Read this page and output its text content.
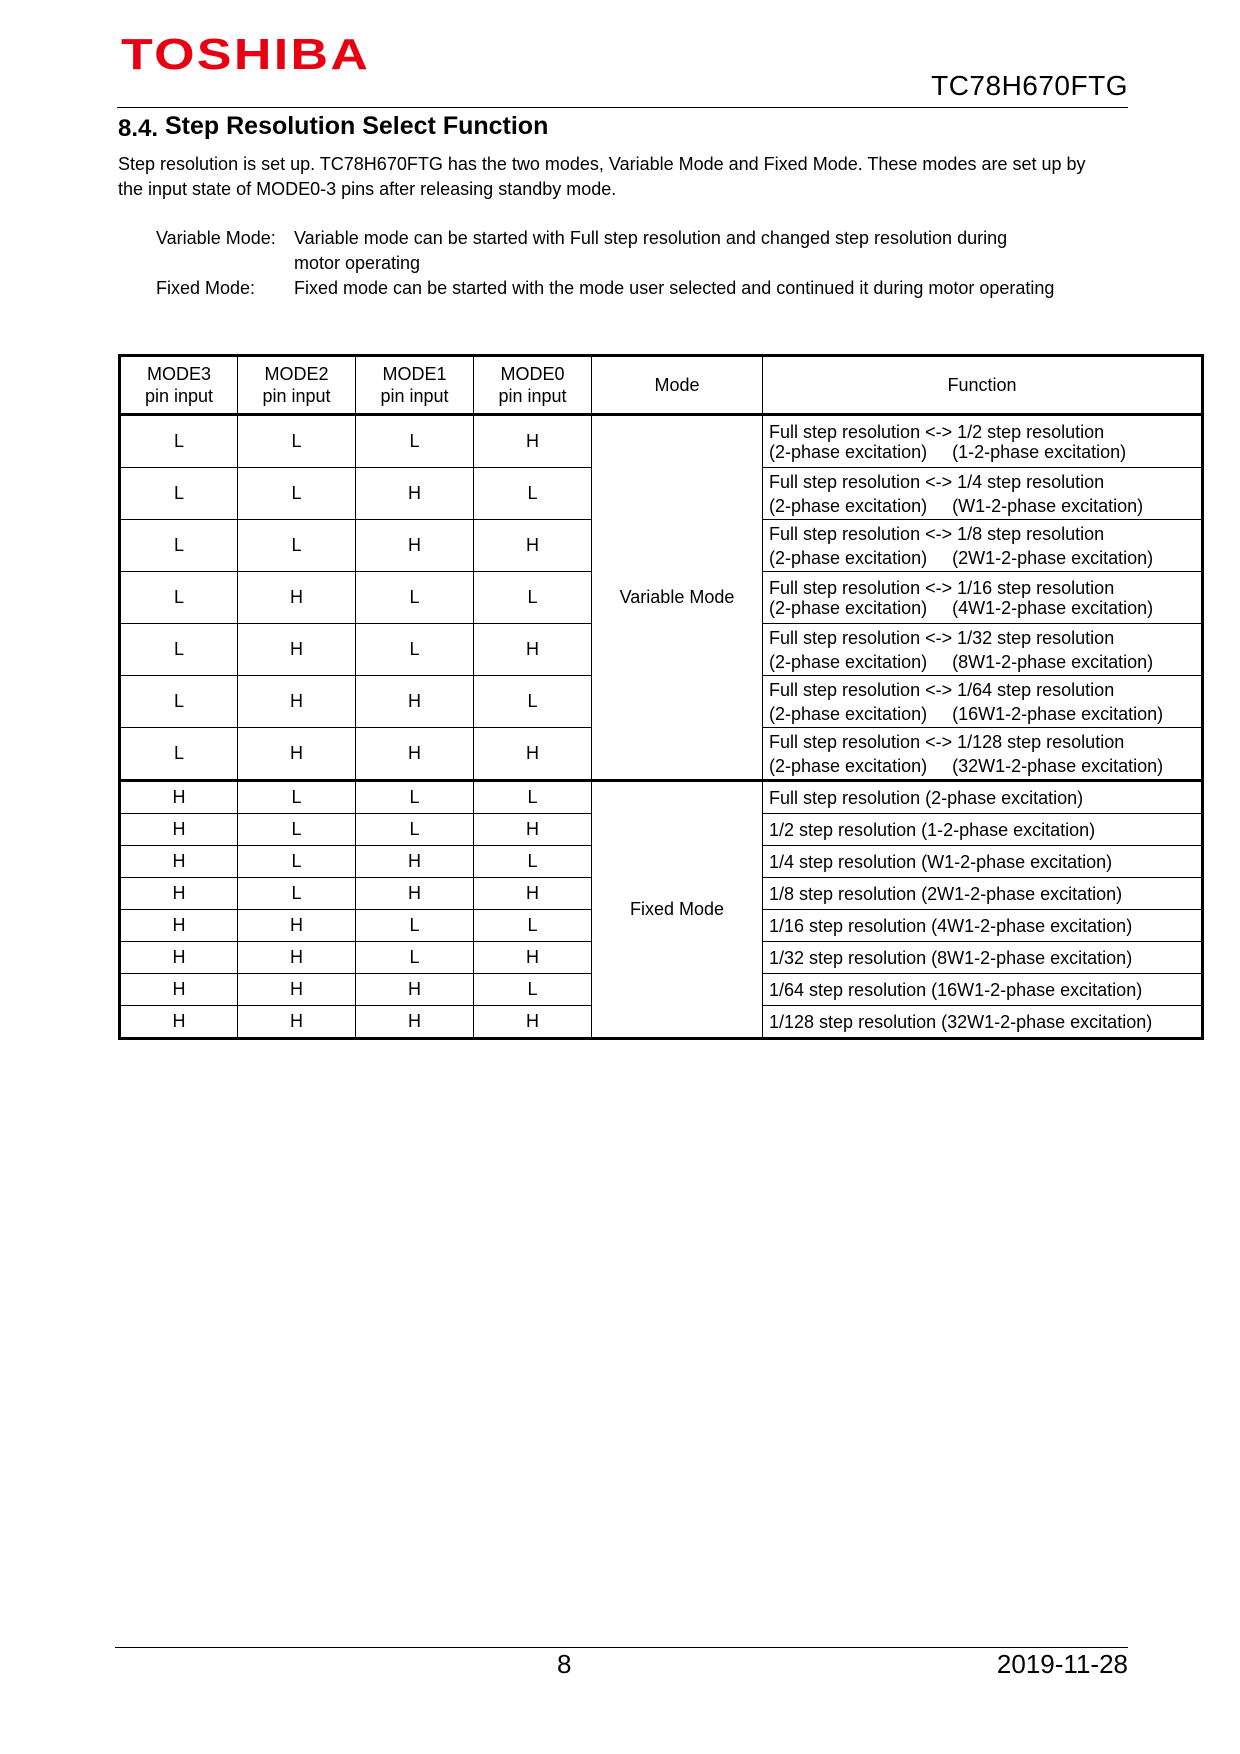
TOSHIBA
TC78H670FTG
8.4. Step Resolution Select Function
Step resolution is set up. TC78H670FTG has the two modes, Variable Mode and Fixed Mode. These modes are set up by
the input state of MODE0-3 pins after releasing standby mode.
Variable Mode: Variable mode can be started with Full step resolution and changed step resolution during
motor operating
Fixed Mode: Fixed mode can be started with the mode user selected and continued it during motor operating
MODE3
pin input	MODE2
pin input	MODE1
pin input	MODE0
pin input	Mode	Function
L	L	L	H	Variable Mode	Full step resolution <-> 1/2 step resolution
(2-phase excitation)     (1-2-phase excitation)

L	L	H	L		Full step resolution <-> 1/4 step resolution
(2-phase excitation)     (W1-2-phase excitation)

L	L	H	H		Full step resolution <-> 1/8 step resolution
(2-phase excitation)     (2W1-2-phase excitation)

L	H	L	L		Full step resolution <-> 1/16 step resolution
(2-phase excitation)     (4W1-2-phase excitation)

L	H	L	H		Full step resolution <-> 1/32 step resolution
(2-phase excitation)     (8W1-2-phase excitation)

L	H	H	L		Full step resolution <-> 1/64 step resolution
(2-phase excitation)     (16W1-2-phase excitation)

L	H	H	H		Full step resolution <-> 1/128 step resolution
(2-phase excitation)     (32W1-2-phase excitation)

H	L	L	L	Fixed Mode	Full step resolution (2-phase excitation)
H	L	L	H		1/2 step resolution (1-2-phase excitation)
H	L	H	L		1/4 step resolution (W1-2-phase excitation)
H	L	H	H		1/8 step resolution (2W1-2-phase excitation)
H	H	L	L		1/16 step resolution (4W1-2-phase excitation)
H	H	L	H		1/32 step resolution (8W1-2-phase excitation)
H	H	H	L		1/64 step resolution (16W1-2-phase excitation)
H	H	H	H		1/128 step resolution (32W1-2-phase excitation)
8	2019-11-28
